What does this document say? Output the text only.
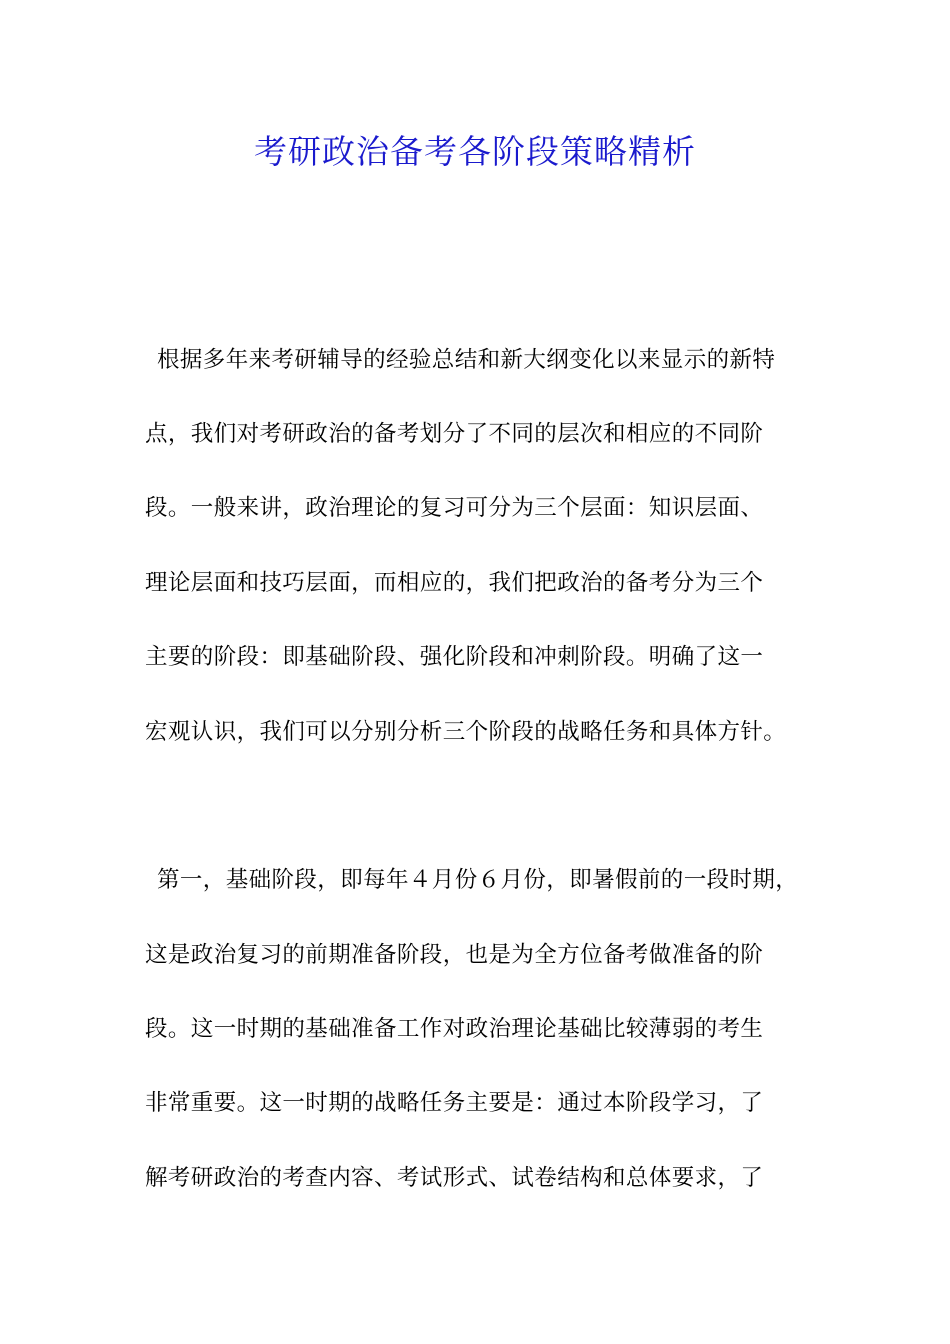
考研政治备考各阶段策略精析
根据多年来考研辅导的经验总结和新大纲变化以来显示的新特
点，我们对考研政治的备考划分了不同的层次和相应的不同阶
段。一般来讲，政治理论的复习可分为三个层面：知识层面、
理论层面和技巧层面，而相应的，我们把政治的备考分为三个
主要的阶段：即基础阶段、强化阶段和冲刺阶段。明确了这一
宏观认识，我们可以分别分析三个阶段的战略任务和具体方针。
第一，基础阶段，即每年４月份６月份，即暑假前的一段时期，
这是政治复习的前期准备阶段，也是为全方位备考做准备的阶
段。这一时期的基础准备工作对政治理论基础比较薄弱的考生
非常重要。这一时期的战略任务主要是：通过本阶段学习，了
解考研政治的考查内容、考试形式、试卷结构和总体要求，了
